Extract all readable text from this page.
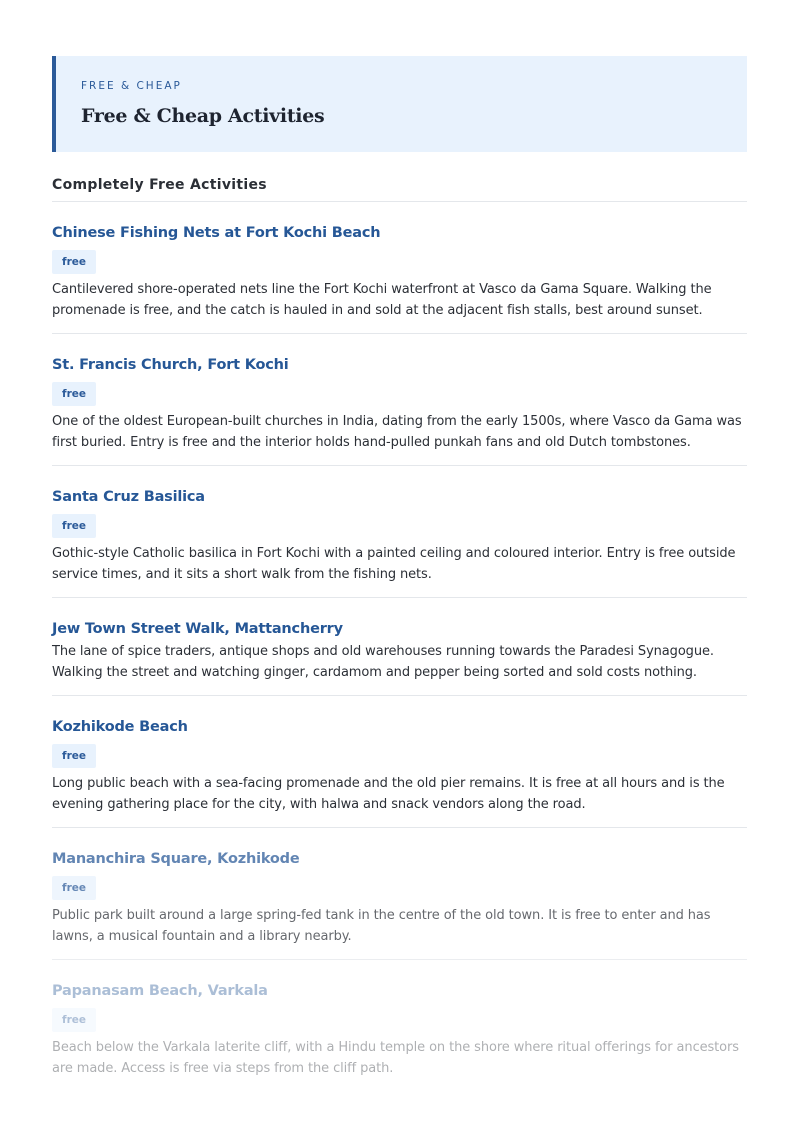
FREE & CHEAP
Free & Cheap Activities
Completely Free Activities
Chinese Fishing Nets at Fort Kochi Beach
free
Cantilevered shore-operated nets line the Fort Kochi waterfront at Vasco da Gama Square. Walking the promenade is free, and the catch is hauled in and sold at the adjacent fish stalls, best around sunset.
St. Francis Church, Fort Kochi
free
One of the oldest European-built churches in India, dating from the early 1500s, where Vasco da Gama was first buried. Entry is free and the interior holds hand-pulled punkah fans and old Dutch tombstones.
Santa Cruz Basilica
free
Gothic-style Catholic basilica in Fort Kochi with a painted ceiling and coloured interior. Entry is free outside service times, and it sits a short walk from the fishing nets.
Jew Town Street Walk, Mattancherry
The lane of spice traders, antique shops and old warehouses running towards the Paradesi Synagogue. Walking the street and watching ginger, cardamom and pepper being sorted and sold costs nothing.
Kozhikode Beach
free
Long public beach with a sea-facing promenade and the old pier remains. It is free at all hours and is the evening gathering place for the city, with halwa and snack vendors along the road.
Mananchira Square, Kozhikode
free
Public park built around a large spring-fed tank in the centre of the old town. It is free to enter and has lawns, a musical fountain and a library nearby.
Papanasam Beach, Varkala
free
Beach below the Varkala laterite cliff, with a Hindu temple on the shore where ritual offerings for ancestors are made. Access is free via steps from the cliff path.
